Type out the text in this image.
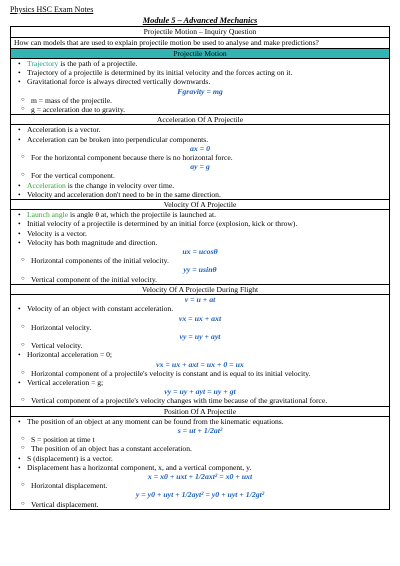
Physics HSC Exam Notes
Module 5 – Advanced Mechanics
Projectile Motion – Inquiry Question
How can models that are used to explain projectile motion be used to analyse and make predictions?
Projectile Motion
• Trajectory is the path of a projectile.
• Trajectory of a projectile is determined by its initial velocity and the forces acting on it.
• Gravitational force is always directed vertically downwards.
Fgravity = mg
○ m = mass of the projectile.
○ g = acceleration due to gravity.
Acceleration Of A Projectile
• Acceleration is a vector.
• Acceleration can be broken into perpendicular components.
ax = 0
○ For the horizontal component because there is no horizontal force.
ay = g
○ For the vertical component.
• Acceleration is the change in velocity over time.
• Velocity and acceleration don't need to be in the same direction.
Velocity Of A Projectile
• Launch angle is angle θ at, which the projectile is launched at.
• Initial velocity of a projectile is determined by an initial force (explosion, kick or throw).
• Velocity is a vector.
• Velocity has both magnitude and direction.
ux = ucosθ
○ Horizontal components of the initial velocity.
yy = usinθ
○ Vertical component of the initial velocity.
Velocity Of A Projectile During Flight
v = u + at
• Velocity of an object with constant acceleration.
vx = ux + axt
○ Horizontal velocity.
vy = uy + ayt
○ Vertical velocity.
• Horizontal acceleration = 0;
vx = ux + axt = ux + 0 = ux
○ Horizontal component of a projectile's velocity is constant and is equal to its initial velocity.
• Vertical acceleration = g;
vy = uy + ayt = uy + gt
○ Vertical component of a projectile's velocity changes with time because of the gravitational force.
Position Of A Projectile
• The position of an object at any moment can be found from the kinematic equations.
s = ut + 1/2at²
○ S = position at time t
○ The position of an object has a constant acceleration.
• S (displacement) is a vector.
• Displacement has a horizontal component, x, and a vertical component, y.
x = x0 + uxt + 1/2axt² = x0 + uxt
○ Horizontal displacement.
y = y0 + uyt + 1/2ayt² = y0 + uyt + 1/2gt²
○ Vertical displacement.
